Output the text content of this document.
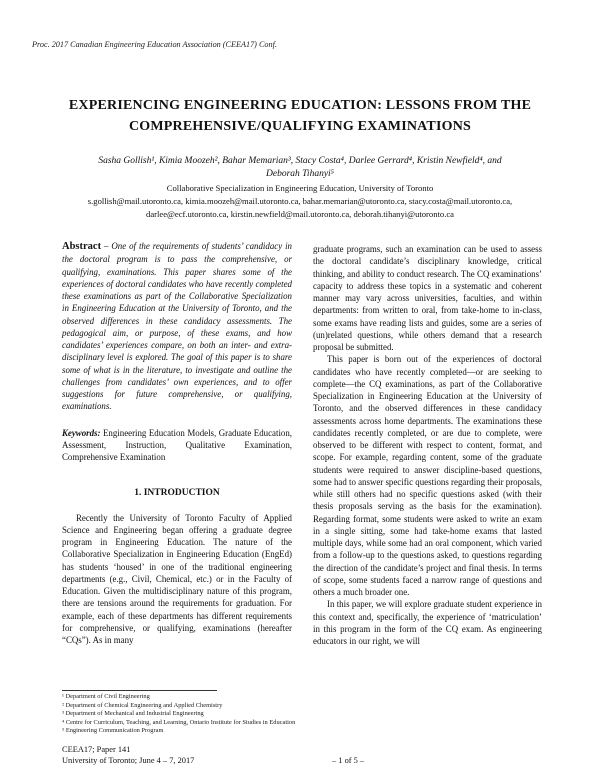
Proc. 2017 Canadian Engineering Education Association (CEEA17) Conf.
EXPERIENCING ENGINEERING EDUCATION: LESSONS FROM THE
COMPREHENSIVE/QUALIFYING EXAMINATIONS
Sasha Gollish¹, Kimia Moozeh², Bahar Memarian³, Stacy Costa⁴, Darlee Gerrard⁴, Kristin Newfield⁴, and
Deborah Tihanyi⁵
Collaborative Specialization in Engineering Education, University of Toronto
s.gollish@mail.utoronto.ca, kimia.moozeh@mail.utoronto.ca, bahar.memarian@utoronto.ca, stacy.costa@mail.utoronto.ca,
darlee@ecf.utoronto.ca, kirstin.newfield@mail.utoronto.ca, deborah.tihanyi@utoronto.ca

Abstract – One of the requirements of students’ candidacy in the doctoral program is to pass the comprehensive, or qualifying, examinations. This paper shares some of the experiences of doctoral candidates who have recently completed these examinations as part of the Collaborative Specialization in Engineering Education at the University of Toronto, and the observed differences in these candidacy assessments. The pedagogical aim, or purpose, of these exams, and how candidates’ experiences compare, on both an inter- and extra-disciplinary level is explored. The goal of this paper is to share some of what is in the literature, to investigate and outline the challenges from candidates’ own experiences, and to offer suggestions for future comprehensive, or qualifying, examinations.

Keywords: Engineering Education Models, Graduate Education, Assessment, Instruction, Qualitative Examination, Comprehensive Examination

1. INTRODUCTION

Recently the University of Toronto Faculty of Applied Science and Engineering began offering a graduate degree program in Engineering Education. The nature of the Collaborative Specialization in Engineering Education (EngEd) has students ‘housed’ in one of the traditional engineering departments (e.g., Civil, Chemical, etc.) or in the Faculty of Education. Given the multidisciplinary nature of this program, there are tensions around the requirements for graduation. For example, each of these departments has different requirements for comprehensive, or qualifying, examinations (hereafter “CQs”). As in many

graduate programs, such an examination can be used to assess the doctoral candidate’s disciplinary knowledge, critical thinking, and ability to conduct research. The CQ examinations’ capacity to address these topics in a systematic and coherent manner may vary across universities, faculties, and within departments: from written to oral, from take-home to in-class, some exams have reading lists and guides, some are a series of (un)related questions, while others demand that a research proposal be submitted.

This paper is born out of the experiences of doctoral candidates who have recently completed—or are seeking to complete—the CQ examinations, as part of the Collaborative Specialization in Engineering Education at the University of Toronto, and the observed differences in these candidacy assessments across home departments. The examinations these candidates recently completed, or are due to complete, were observed to be different with respect to content, format, and scope. For example, regarding content, some of the graduate students were required to answer discipline-based questions, some had to answer specific questions regarding their proposals, while still others had no specific questions asked (with their thesis proposals serving as the basis for the examination). Regarding format, some students were asked to write an exam in a single sitting, some had take-home exams that lasted multiple days, while some had an oral component, which varied from a follow-up to the questions asked, to questions regarding the direction of the candidate’s project and final thesis. In terms of scope, some students faced a narrow range of questions and others a much broader one.

In this paper, we will explore graduate student experience in this context and, specifically, the experience of ‘matriculation’ in this program in the form of the CQ exam. As engineering educators in our right, we will

¹ Department of Civil Engineering
² Department of Chemical Engineering and Applied Chemistry
³ Department of Mechanical and Industrial Engineering
⁴ Centre for Curriculum, Teaching, and Learning, Ontario Institute for Studies in Education
⁵ Engineering Communication Program
CEEA17; Paper 141
University of Toronto; June 4 – 7, 2017	– 1 of 5 –
